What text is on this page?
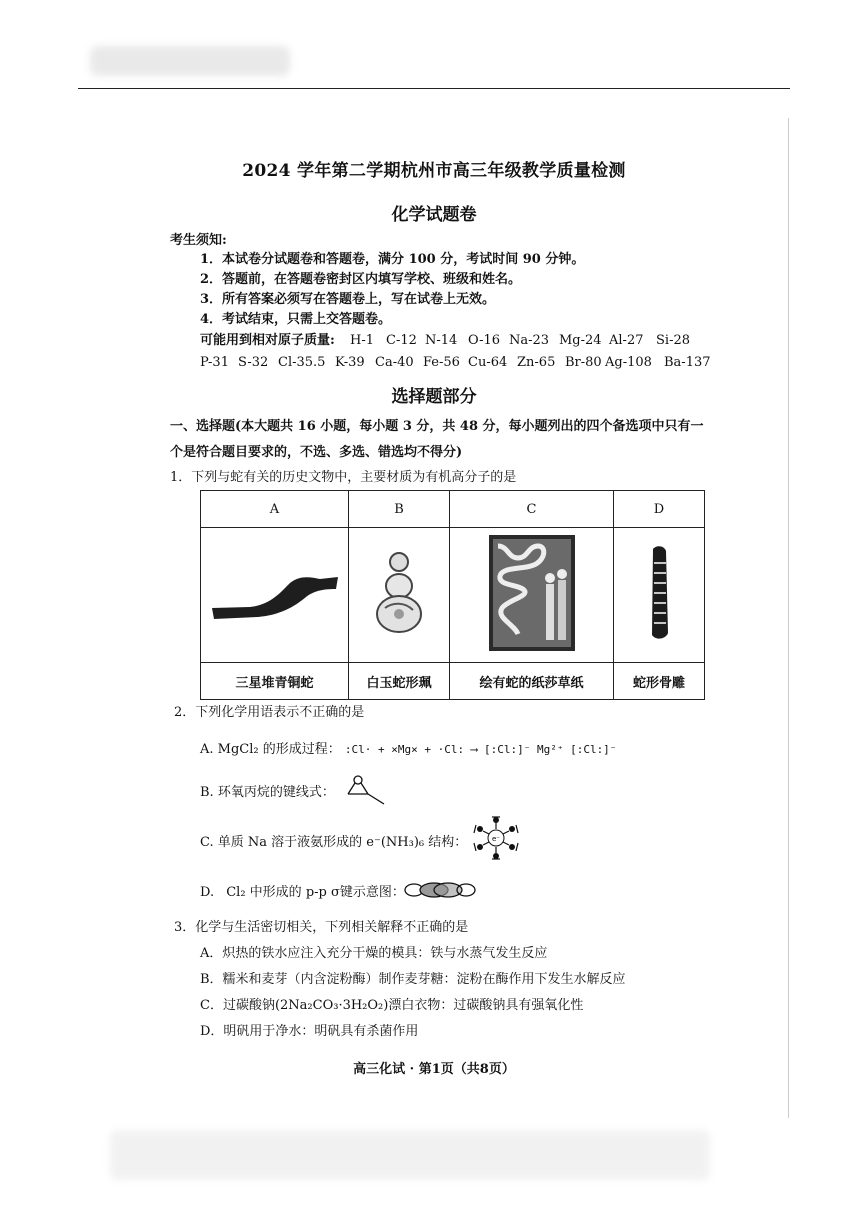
2024 学年第二学期杭州市高三年级教学质量检测
化学试题卷
考生须知:
1．本试卷分试题卷和答题卷，满分 100 分，考试时间 90 分钟。
2．答题前，在答题卷密封区内填写学校、班级和姓名。
3．所有答案必须写在答题卷上，写在试卷上无效。
4．考试结束，只需上交答题卷。
可能用到相对原子质量: H-1 C-12 N-14 O-16 Na-23 Mg-24 Al-27 Si-28
P-31 S-32 Cl-35.5 K-39 Ca-40 Fe-56 Cu-64 Zn-65 Br-80 Ag-108 Ba-137
选择题部分
一、选择题(本大题共 16 小题，每小题 3 分，共 48 分，每小题列出的四个备选项中只有一
个是符合题目要求的，不选、多选、错选均不得分)
1．下列与蛇有关的历史文物中，主要材质为有机高分子的是
A	B	C	D

三星堆青铜蛇	白玉蛇形珮	绘有蛇的纸莎草纸	蛇形骨雕
2．下列化学用语表示不正确的是
A. MgCl₂ 的形成过程： :Cl· + ×Mg× + ·Cl: ⟶ [:Cl:]⁻ Mg²⁺ [:Cl:]⁻
B. 环氧丙烷的键线式：
C. 单质 Na 溶于液氨形成的 e⁻(NH₃)₆ 结构：	e⁻
D. Cl₂ 中形成的 p-p σ键示意图：
3．化学与生活密切相关，下列相关解释不正确的是
A．炽热的铁水应注入充分干燥的模具：铁与水蒸气发生反应
B．糯米和麦芽（内含淀粉酶）制作麦芽糖：淀粉在酶作用下发生水解反应
C．过碳酸钠(2Na₂CO₃·3H₂O₂)漂白衣物：过碳酸钠具有强氧化性
D．明矾用于净水：明矾具有杀菌作用
高三化试 · 第1页（共8页）
